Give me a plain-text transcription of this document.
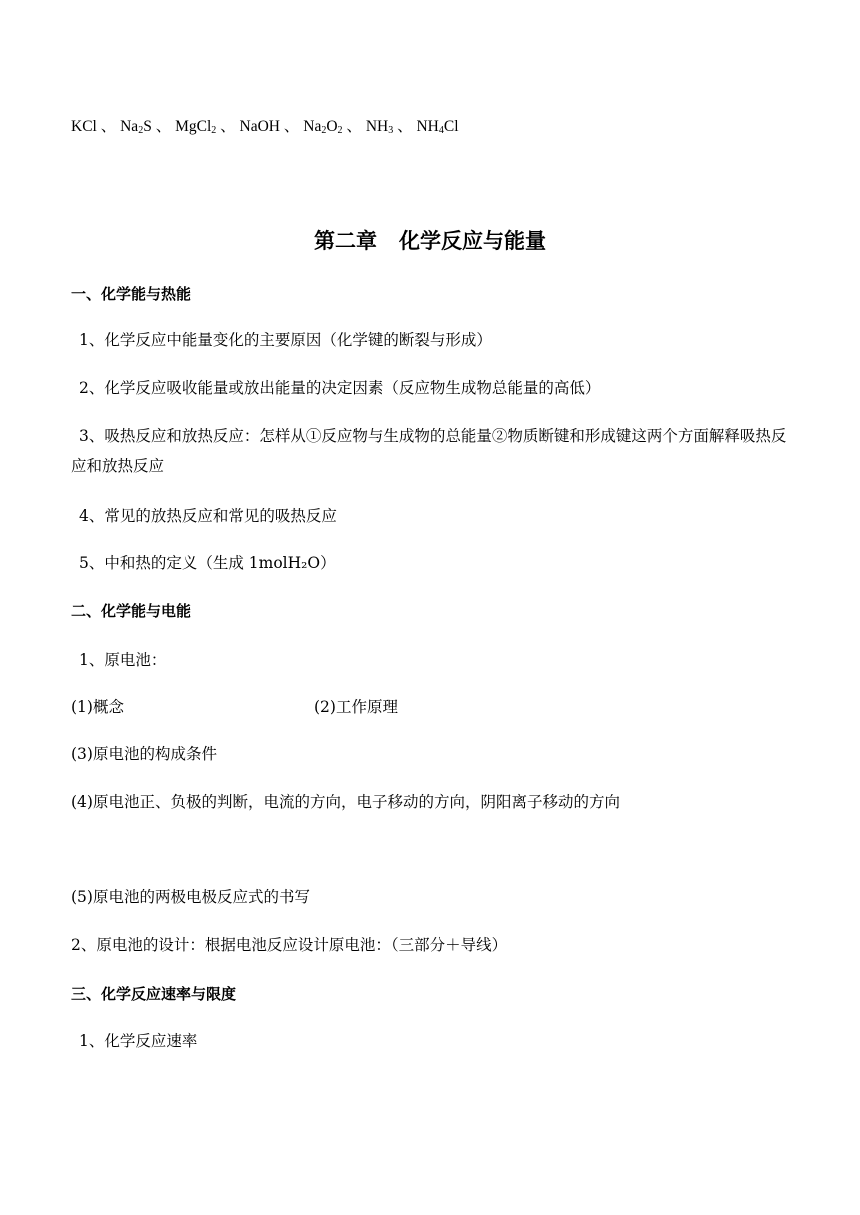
KCl 、 $Na_2S$ 、 MgCl$_2$ 、 NaOH 、 $Na_2O_2$ 、 $NH_3$ 、 $NH_4Cl$
第二章 化学反应与能量
一、化学能与热能
1、化学反应中能量变化的主要原因（化学键的断裂与形成）
2、化学反应吸收能量或放出能量的决定因素（反应物生成物总能量的高低）
3、吸热反应和放热反应：怎样从①反应物与生成物的总能量②物质断键和形成键这两个方面解释吸热反应和放热反应
4、常见的放热反应和常见的吸热反应
5、中和热的定义（生成 1molH₂O）
二、化学能与电能
1、原电池：
(1)概念	(2)工作原理
(3)原电池的构成条件
(4)原电池正、负极的判断，电流的方向，电子移动的方向，阴阳离子移动的方向
(5)原电池的两极电极反应式的书写
2、原电池的设计：根据电池反应设计原电池：（三部分＋导线）
三、化学反应速率与限度
1、化学反应速率
